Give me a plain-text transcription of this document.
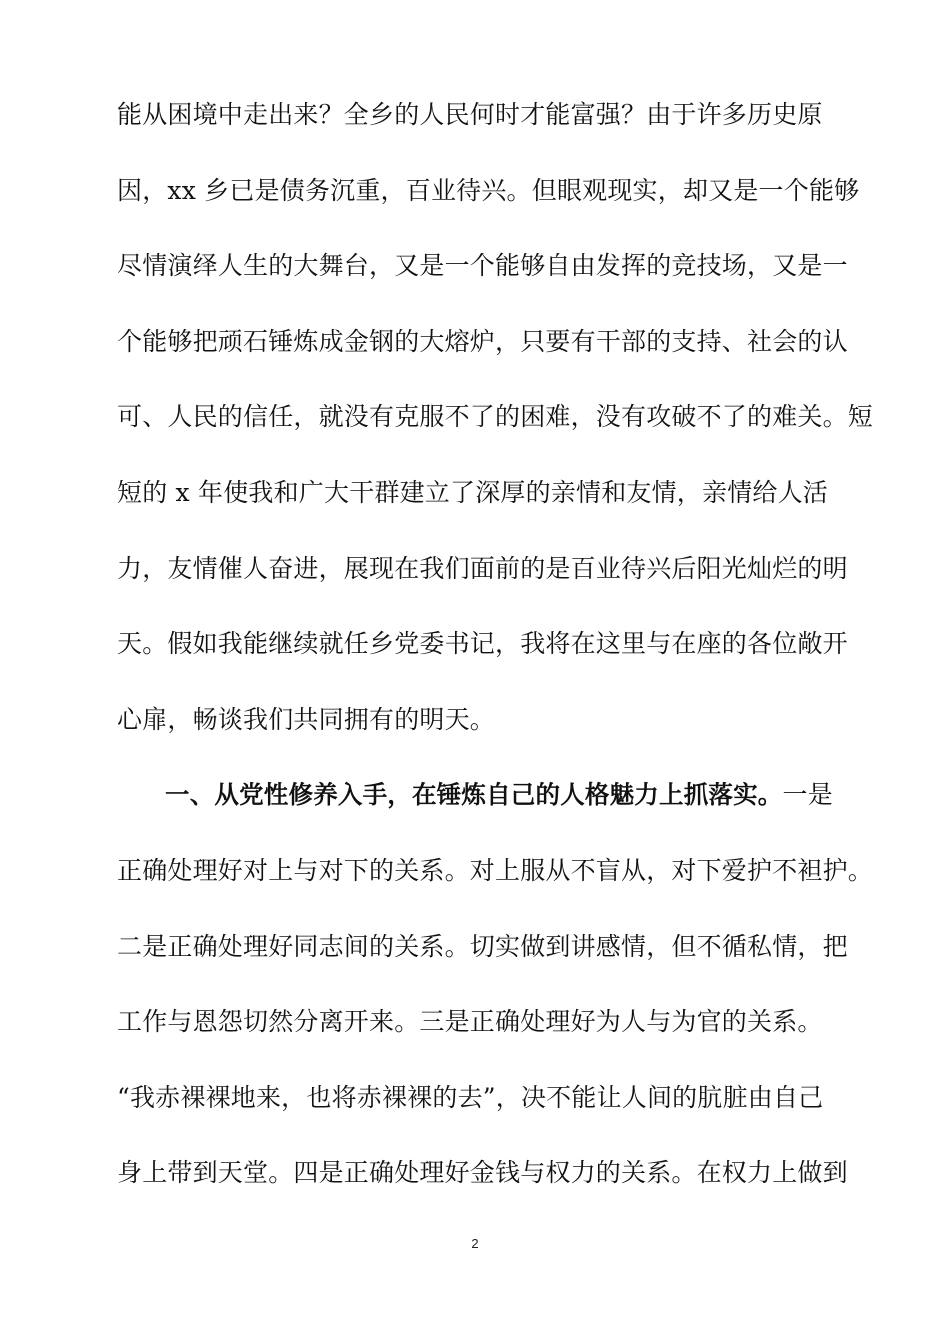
能从困境中走出来？全乡的人民何时才能富强？由于许多历史原
因，xx 乡已是债务沉重，百业待兴。但眼观现实，却又是一个能够
尽情演绎人生的大舞台，又是一个能够自由发挥的竞技场，又是一
个能够把顽石锤炼成金钢的大熔炉，只要有干部的支持、社会的认
可、人民的信任，就没有克服不了的困难，没有攻破不了的难关。短
短的 x 年使我和广大干群建立了深厚的亲情和友情，亲情给人活
力，友情催人奋进，展现在我们面前的是百业待兴后阳光灿烂的明
天。假如我能继续就任乡党委书记，我将在这里与在座的各位敞开
心扉，畅谈我们共同拥有的明天。
一、从党性修养入手，在锤炼自己的人格魅力上抓落实。一是
正确处理好对上与对下的关系。对上服从不盲从，对下爱护不袒护。
二是正确处理好同志间的关系。切实做到讲感情，但不循私情，把
工作与恩怨切然分离开来。三是正确处理好为人与为官的关系。
“我赤裸裸地来，也将赤裸裸的去”，决不能让人间的肮脏由自己
身上带到天堂。四是正确处理好金钱与权力的关系。在权力上做到
2
